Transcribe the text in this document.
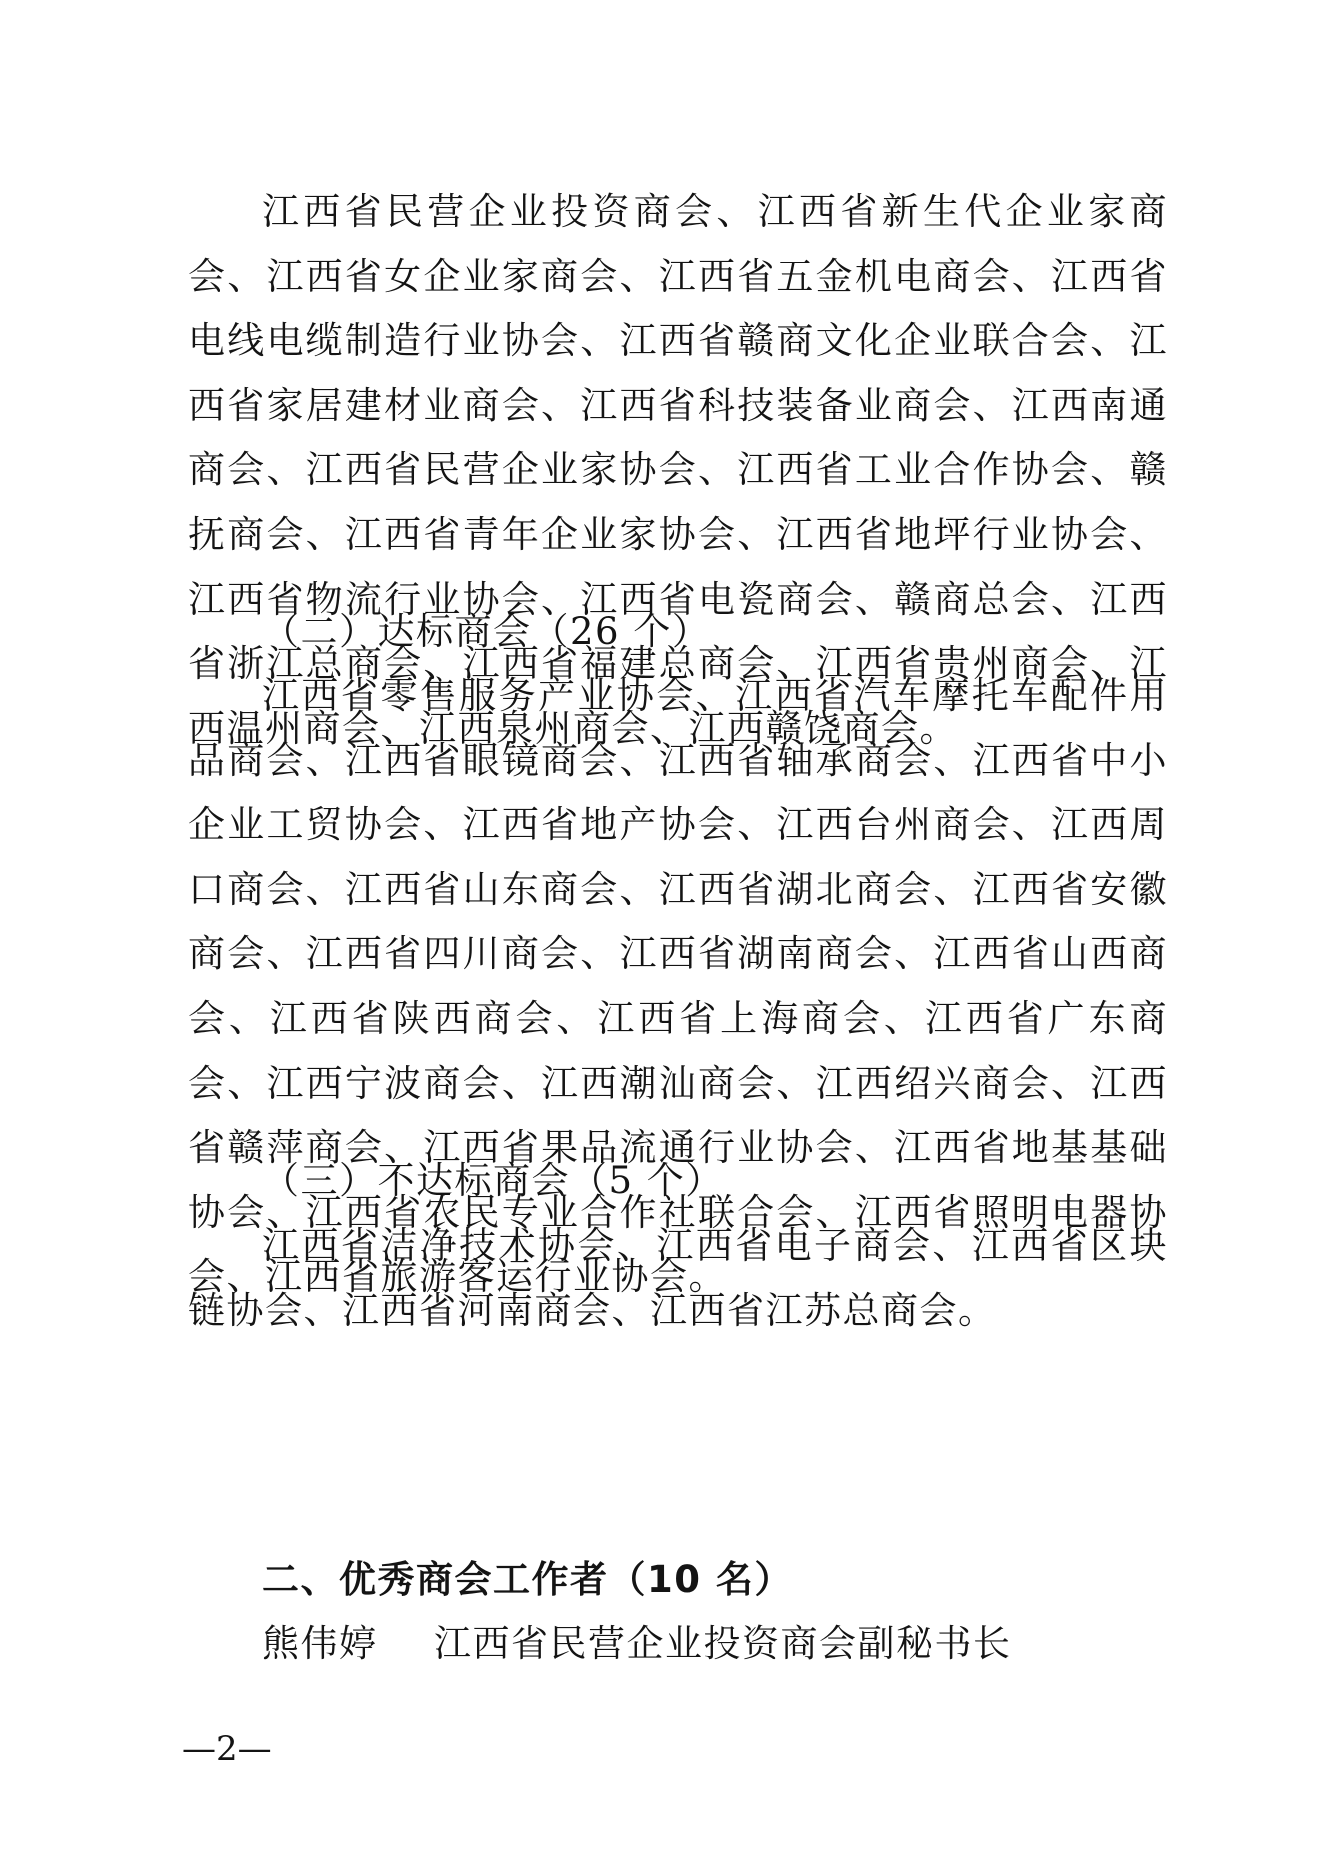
江西省民营企业投资商会、江西省新生代企业家商会、江西省女企业家商会、江西省五金机电商会、江西省电线电缆制造行业协会、江西省赣商文化企业联合会、江西省家居建材业商会、江西省科技装备业商会、江西南通商会、江西省民营企业家协会、江西省工业合作协会、赣抚商会、江西省青年企业家协会、江西省地坪行业协会、江西省物流行业协会、江西省电瓷商会、赣商总会、江西省浙江总商会、江西省福建总商会、江西省贵州商会、江西温州商会、江西泉州商会、江西赣饶商会。

（二）达标商会（26 个）

江西省零售服务产业协会、江西省汽车摩托车配件用品商会、江西省眼镜商会、江西省轴承商会、江西省中小企业工贸协会、江西省地产协会、江西台州商会、江西周口商会、江西省山东商会、江西省湖北商会、江西省安徽商会、江西省四川商会、江西省湖南商会、江西省山西商会、江西省陕西商会、江西省上海商会、江西省广东商会、江西宁波商会、江西潮汕商会、江西绍兴商会、江西省赣萍商会、江西省果品流通行业协会、江西省地基基础协会、江西省农民专业合作社联合会、江西省照明电器协会、江西省旅游客运行业协会。

（三）不达标商会（5 个）

江西省洁净技术协会、江西省电子商会、江西省区块链协会、江西省河南商会、江西省江苏总商会。

二、优秀商会工作者（10 名）

熊伟婷	江西省民营企业投资商会副秘书长

—2—
